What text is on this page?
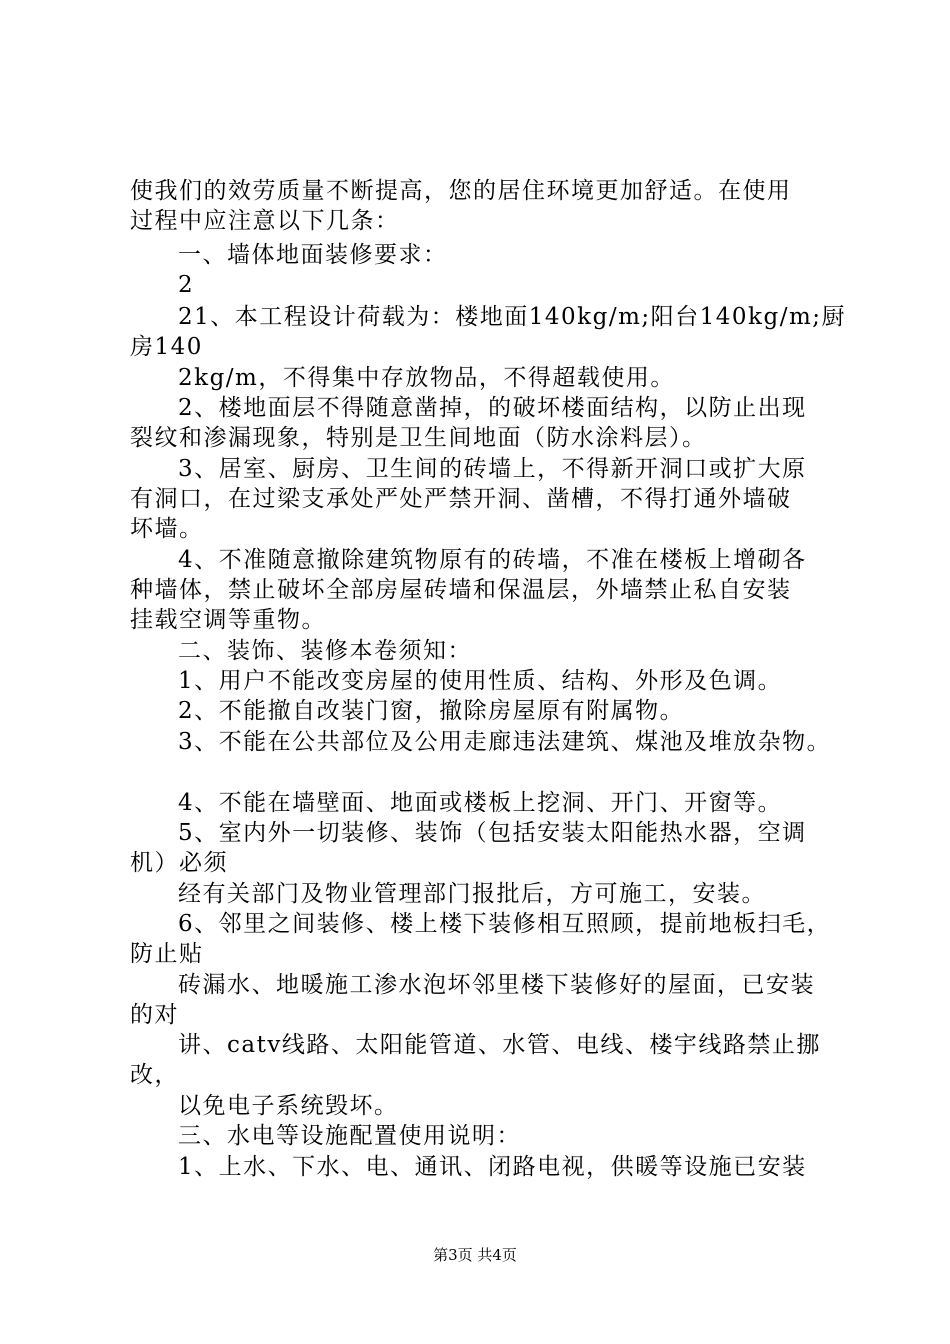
使我们的效劳质量不断提高，您的居住环境更加舒适。在使用
过程中应注意以下几条：
一、墙体地面装修要求：
2
21、本工程设计荷载为：楼地面140kg/m;阳台140kg/m;厨
房140
2kg/m，不得集中存放物品，不得超载使用。
2、楼地面层不得随意凿掉，的破坏楼面结构，以防止出现
裂纹和渗漏现象，特别是卫生间地面（防水涂料层）。
3、居室、厨房、卫生间的砖墙上，不得新开洞口或扩大原
有洞口，在过梁支承处严处严禁开洞、凿槽，不得打通外墙破
坏墙。
4、不准随意撤除建筑物原有的砖墙，不准在楼板上增砌各
种墙体，禁止破坏全部房屋砖墙和保温层，外墙禁止私自安装
挂载空调等重物。
二、装饰、装修本卷须知：
1、用户不能改变房屋的使用性质、结构、外形及色调。
2、不能撤自改装门窗，撤除房屋原有附属物。
3、不能在公共部位及公用走廊违法建筑、煤池及堆放杂物。
4、不能在墙壁面、地面或楼板上挖洞、开门、开窗等。
5、室内外一切装修、装饰（包括安装太阳能热水器，空调
机）必须
经有关部门及物业管理部门报批后，方可施工，安装。
6、邻里之间装修、楼上楼下装修相互照顾，提前地板扫毛，
防止贴
砖漏水、地暖施工渗水泡坏邻里楼下装修好的屋面，已安装
的对
讲、catv线路、太阳能管道、水管、电线、楼宇线路禁止挪
改，
以免电子系统毁坏。
三、水电等设施配置使用说明：
1、上水、下水、电、通讯、闭路电视，供暖等设施已安装
第3页 共4页
